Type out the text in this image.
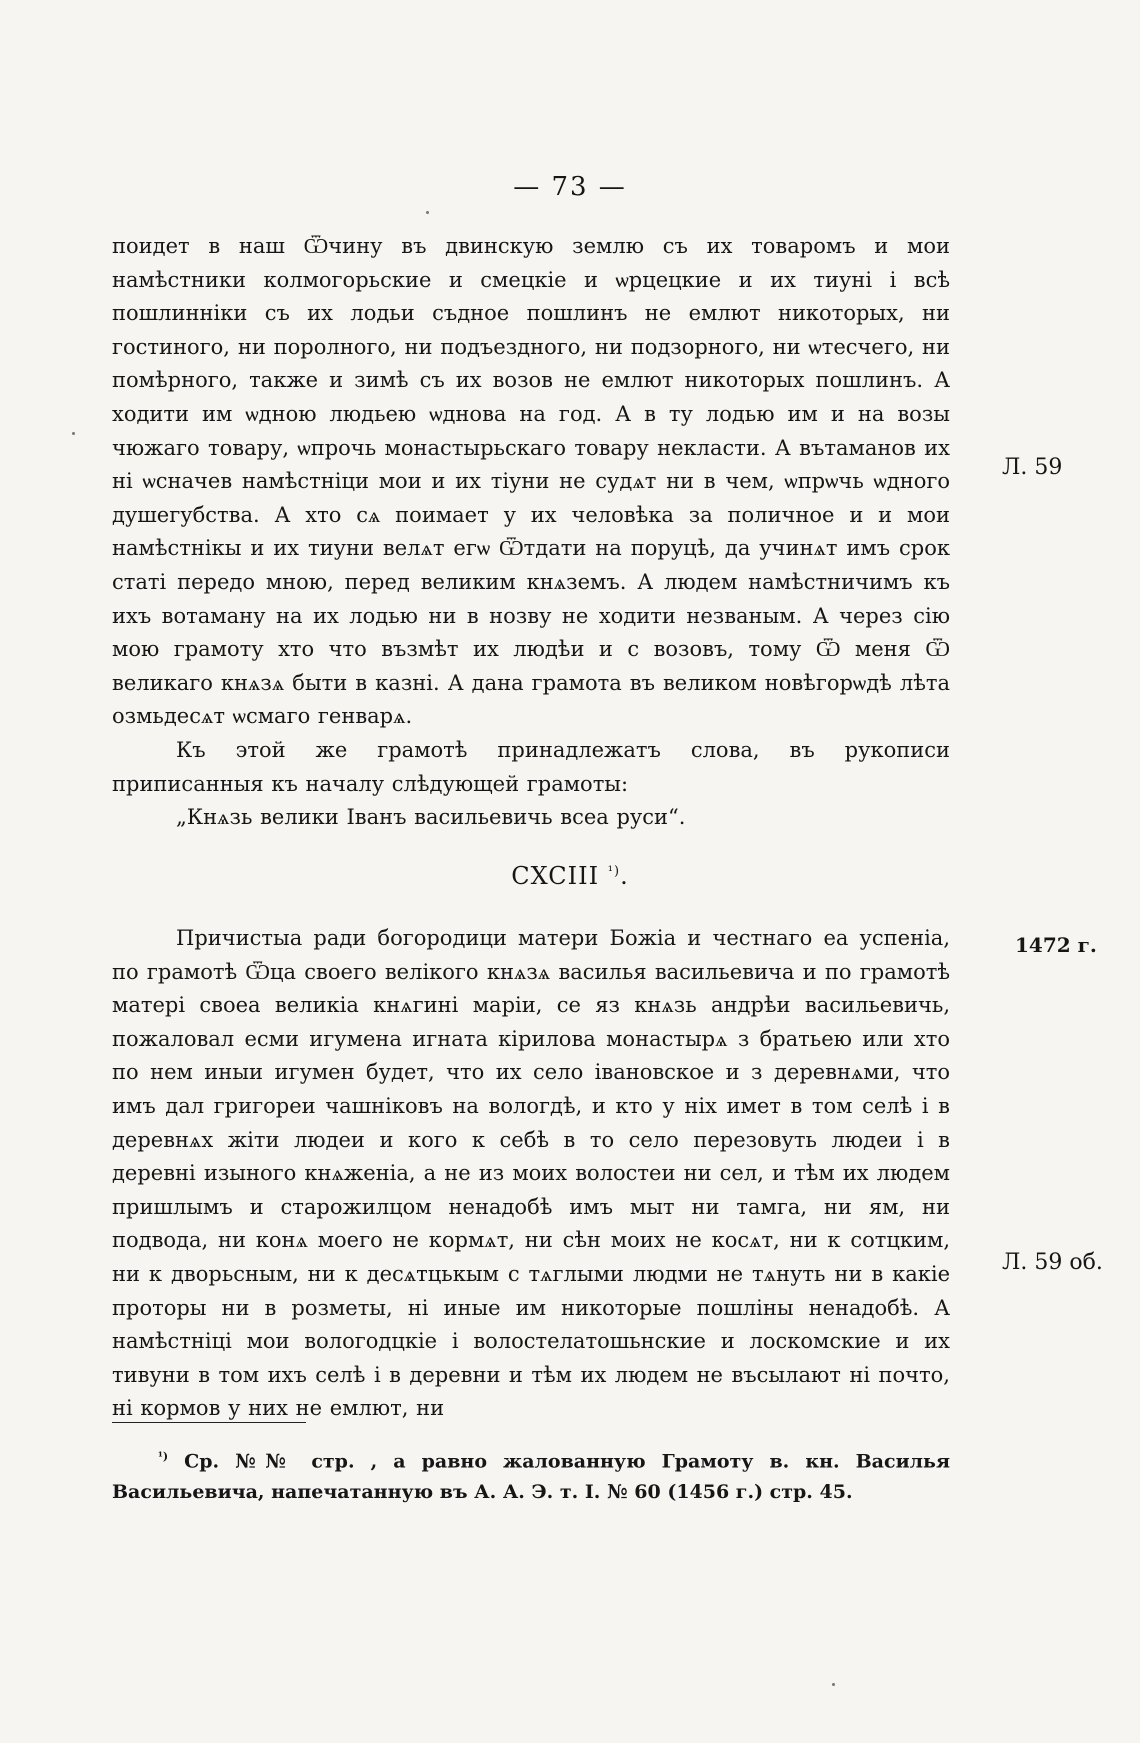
— 73 —

поидет в наш Ѿчину въ двинскую землю съ их товаромъ и мои намѣстники колмогорьские и смецкіе и ѡрцецкие и их тиуні і всѣ пошлинніки съ их лодьи съдное пошлинъ не емлют никоторых, ни гостиного, ни поролного, ни подъездного, ни подзорного, ни ѡтесчего, ни помѣрного, также и зимѣ съ их возов не емлют никоторых пошлинъ. А ходити им ѡдною людьею ѡднова на год. А в ту лодью им и на возы чюжаго товару, ѡпрочь монастырьскаго товару некласти. А вътаманов их ні ѡсначев намѣстніци мои и их тіуни не судѧт ни в чем, ѡпрѡчь ѡдного душегубства. А хто сѧ поимает у их человѣка за поличное и и мои намѣстнікы и их тиуни велѧт егѡ Ѿтдати на поруцѣ, да учинѧт имъ срок статі передо мною, перед великим кнѧземъ. А людем намѣстничимъ къ ихъ вотаману на их лодью ни в нозву не ходити незваным. А через сію мою грамоту хто что възмѣт их людѣи и с возовъ, тому Ѿ меня Ѿ великаго кнѧзѧ быти в казні. А дана грамота въ великом новѣгорѡдѣ лѣта озмьдесѧт ѡсмаго генварѧ.

Къ этой же грамотѣ принадлежатъ слова, въ рукописи приписанныя къ началу слѣдующей грамоты:

„Кнѧзь велики Іванъ васильевичь всеа руси“.

CXCIII $^{^1)}$.

Причистыа ради богородици матери Божіа и честнаго еа успеніа, по грамотѣ Ѿца своего велікого кнѧзѧ василья васильевича и по грамотѣ матері своеа великіа кнѧгині маріи, се яз кнѧзь андрѣи васильевичь, пожаловал есми игумена игната кірилова монастырѧ з братьею или хто по нем иныи игумен будет, что их село івановское и з деревнѧми, что имъ дал григореи чашніковъ на вологдѣ, и кто у ніх имет в том селѣ і в деревнѧх жіти людеи и кого к себѣ в то село перезовуть людеи і в деревні изыного кнѧженіа, а не из моих волостеи ни сел, и тѣм их людем пришлымъ и старожилцом ненадобѣ имъ мыт ни тамга, ни ям, ни подвода, ни конѧ моего не кормѧт, ни сѣн моих не косѧт, ни к сотцким, ни к дворьсным, ни к десѧтцькым с тѧглыми людми не тѧнуть ни в какіе проторы ни в розметы, ні иные им никоторые пошліны ненадобѣ. А намѣстніці мои вологодцкіе і волостелатошьнские и лоскомские и их тивуни в том ихъ селѣ і в деревни и тѣм их людем не въсылают ні почто, ні кормов у них не емлют, ни

Л. 59
1472 г.
Л. 59 об.

$^{^1)}$ Ср. №№ стр. , а равно жалованную Грамоту в. кн. Василья Васильевича, напечатанную въ А. А. Э. т. I. № 60 (1456 г.) стр. 45.
